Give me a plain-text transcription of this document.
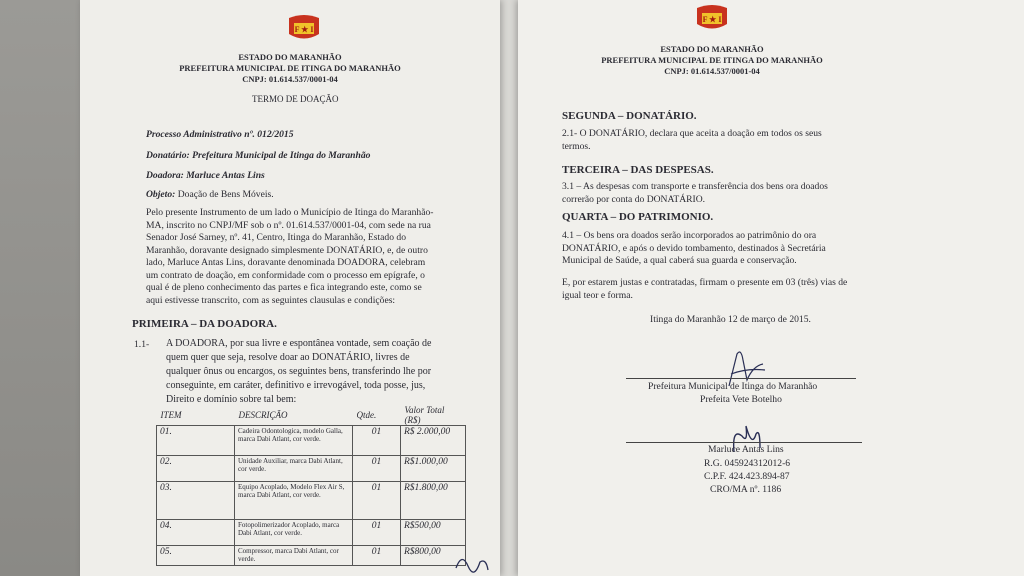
F ★ I
ESTADO DO MARANHÃO
PREFEITURA MUNICIPAL DE ITINGA DO MARANHÃO
CNPJ: 01.614.537/0001-04
TERMO DE DOAÇÃO
Processo Administrativo nº. 012/2015
Donatário: Prefeitura Municipal de Itinga do Maranhão
Doadora: Marluce Antas Lins
Objeto: Doação de Bens Móveis.
Pelo presente Instrumento de um lado o Município de Itinga do Maranhão-
MA, inscrito no CNPJ/MF sob o nº. 01.614.537/0001-04, com sede na rua
Senador José Sarney, nº. 41, Centro, Itinga do Maranhão, Estado do
Maranhão, doravante designado simplesmente DONATÁRIO, e, de outro
lado, Marluce Antas Lins, doravante denominada DOADORA, celebram
um contrato de doação, em conformidade com o processo em epígrafe, o
qual é de pleno conhecimento das partes e fica integrando este, como se
aqui estivesse transcrito, com as seguintes clausulas e condições:
PRIMEIRA – DA DOADORA.
1.1- A DOADORA, por sua livre e espontânea vontade, sem coação de
quem quer que seja, resolve doar ao DONATÁRIO, livres de
qualquer ônus ou encargos, os seguintes bens, transferindo lhe por
conseguinte, em caráter, definitivo e irrevogável, toda posse, jus,
Direito e domínio sobre tal bem:
ITEM	DESCRIÇÃO	Qtde.	Valor Total (R$)
01.	Cadeira Odontologica, modelo Galla, marca Dabi Atlant, cor verde.	01	R$ 2.000,00
02.	Unidade Auxiliar, marca Dabi Atlant, cor verde.	01	R$1.000,00
03.	Equipo Acoplado, Modelo Flex Air S, marca Dabi Atlant, cor verde.	01	R$1.800,00
04.	Fotopolimerizador Acoplado, marca Dabi Atlant, cor verde.	01	R$500,00
05.	Compressor, marca Dabi Atlant, cor verde.	01	R$800,00
F ★ I
ESTADO DO MARANHÃO
PREFEITURA MUNICIPAL DE ITINGA DO MARANHÃO
CNPJ: 01.614.537/0001-04
SEGUNDA – DONATÁRIO.
2.1- O DONATÁRIO, declara que aceita a doação em todos os seus
termos.
TERCEIRA – DAS DESPESAS.
3.1 – As despesas com transporte e transferência dos bens ora doados
correrão por conta do DONATÁRIO.
QUARTA – DO PATRIMONIO.
4.1 – Os bens ora doados serão incorporados ao patrimônio do ora
DONATÁRIO, e após o devido tombamento, destinados à Secretária
Municipal de Saúde, a qual caberá sua guarda e conservação.
E, por estarem justas e contratadas, firmam o presente em 03 (três) vias de
igual teor e forma.
Itinga do Maranhão 12 de março de 2015.
Prefeitura Municipal de Itinga do Maranhão
Prefeita Vete Botelho
Marluce Antas Lins
R.G. 045924312012-6
C.P.F. 424.423.894-87
CRO/MA nº. 1186
